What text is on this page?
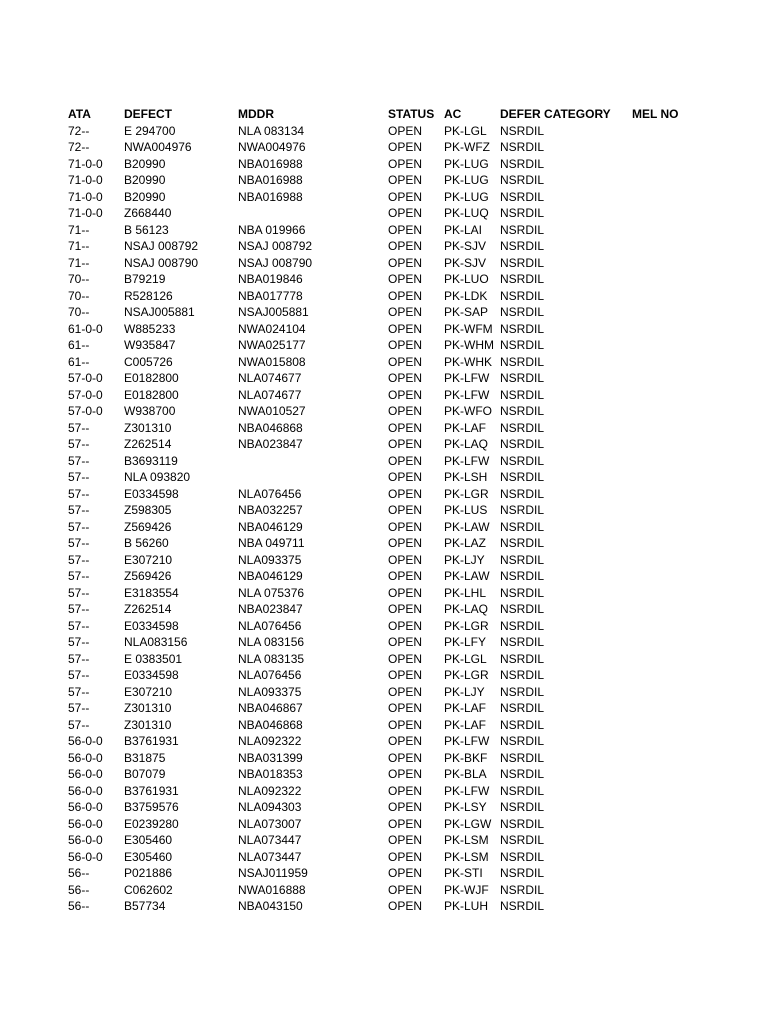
ATA	DEFECT	MDDR	STATUS	AC	DEFER CATEGORY	MEL NO
72--	E 294700	NLA 083134	OPEN	PK-LGL	NSRDIL	
72--	NWA004976	NWA004976	OPEN	PK-WFZ	NSRDIL	
71-0-0	B20990	NBA016988	OPEN	PK-LUG	NSRDIL	
71-0-0	B20990	NBA016988	OPEN	PK-LUG	NSRDIL	
71-0-0	B20990	NBA016988	OPEN	PK-LUG	NSRDIL	
71-0-0	Z668440		OPEN	PK-LUQ	NSRDIL	
71--	B 56123	NBA 019966	OPEN	PK-LAI	NSRDIL	
71--	NSAJ 008792	NSAJ 008792	OPEN	PK-SJV	NSRDIL	
71--	NSAJ 008790	NSAJ 008790	OPEN	PK-SJV	NSRDIL	
70--	B79219	NBA019846	OPEN	PK-LUO	NSRDIL	
70--	R528126	NBA017778	OPEN	PK-LDK	NSRDIL	
70--	NSAJ005881	NSAJ005881	OPEN	PK-SAP	NSRDIL	
61-0-0	W885233	NWA024104	OPEN	PK-WFM	NSRDIL	
61--	W935847	NWA025177	OPEN	PK-WHM	NSRDIL	
61--	C005726	NWA015808	OPEN	PK-WHK	NSRDIL	
57-0-0	E0182800	NLA074677	OPEN	PK-LFW	NSRDIL	
57-0-0	E0182800	NLA074677	OPEN	PK-LFW	NSRDIL	
57-0-0	W938700	NWA010527	OPEN	PK-WFO	NSRDIL	
57--	Z301310	NBA046868	OPEN	PK-LAF	NSRDIL	
57--	Z262514	NBA023847	OPEN	PK-LAQ	NSRDIL	
57--	B3693119		OPEN	PK-LFW	NSRDIL	
57--	NLA 093820		OPEN	PK-LSH	NSRDIL	
57--	E0334598	NLA076456	OPEN	PK-LGR	NSRDIL	
57--	Z598305	NBA032257	OPEN	PK-LUS	NSRDIL	
57--	Z569426	NBA046129	OPEN	PK-LAW	NSRDIL	
57--	B 56260	NBA 049711	OPEN	PK-LAZ	NSRDIL	
57--	E307210	NLA093375	OPEN	PK-LJY	NSRDIL	
57--	Z569426	NBA046129	OPEN	PK-LAW	NSRDIL	
57--	E3183554	NLA 075376	OPEN	PK-LHL	NSRDIL	
57--	Z262514	NBA023847	OPEN	PK-LAQ	NSRDIL	
57--	E0334598	NLA076456	OPEN	PK-LGR	NSRDIL	
57--	NLA083156	NLA 083156	OPEN	PK-LFY	NSRDIL	
57--	E 0383501	NLA 083135	OPEN	PK-LGL	NSRDIL	
57--	E0334598	NLA076456	OPEN	PK-LGR	NSRDIL	
57--	E307210	NLA093375	OPEN	PK-LJY	NSRDIL	
57--	Z301310	NBA046867	OPEN	PK-LAF	NSRDIL	
57--	Z301310	NBA046868	OPEN	PK-LAF	NSRDIL	
56-0-0	B3761931	NLA092322	OPEN	PK-LFW	NSRDIL	
56-0-0	B31875	NBA031399	OPEN	PK-BKF	NSRDIL	
56-0-0	B07079	NBA018353	OPEN	PK-BLA	NSRDIL	
56-0-0	B3761931	NLA092322	OPEN	PK-LFW	NSRDIL	
56-0-0	B3759576	NLA094303	OPEN	PK-LSY	NSRDIL	
56-0-0	E0239280	NLA073007	OPEN	PK-LGW	NSRDIL	
56-0-0	E305460	NLA073447	OPEN	PK-LSM	NSRDIL	
56-0-0	E305460	NLA073447	OPEN	PK-LSM	NSRDIL	
56--	P021886	NSAJ011959	OPEN	PK-STI	NSRDIL	
56--	C062602	NWA016888	OPEN	PK-WJF	NSRDIL	
56--	B57734	NBA043150	OPEN	PK-LUH	NSRDIL	
